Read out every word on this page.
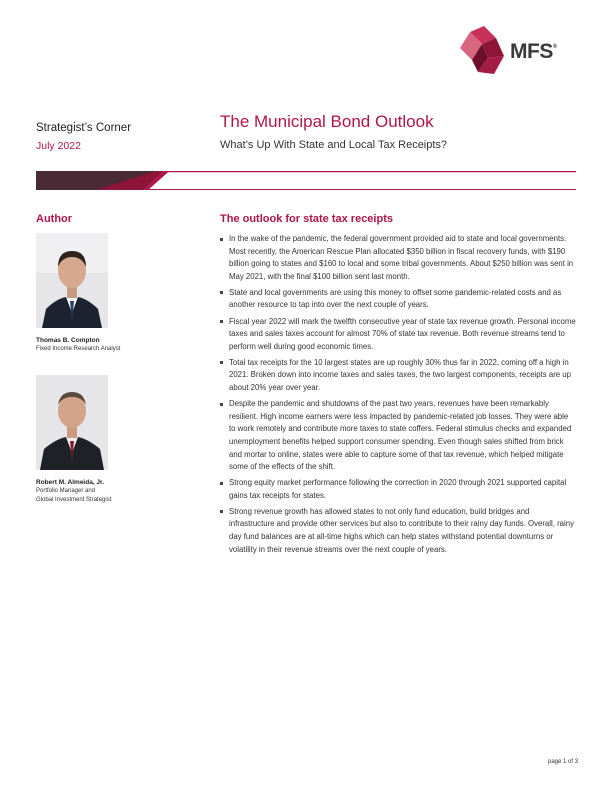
MFS®
Strategist’s Corner
July 2022
The Municipal Bond Outlook
What’s Up With State and Local Tax Receipts?
Author
Thomas B. Compton
Fixed Income Research Analyst
Robert M. Almeida, Jr.
Portfolio Manager and
Global Investment Strategist
The outlook for state tax receipts
In the wake of the pandemic, the federal government provided aid to state and local governments. Most recently, the American Rescue Plan allocated $350 billion in fiscal recovery funds, with $190 billion going to states and $160 to local and some tribal governments. About $250 billion was sent in May 2021, with the final $100 billion sent last month.
State and local governments are using this money to offset some pandemic-related costs and as another resource to tap into over the next couple of years.
Fiscal year 2022 will mark the twelfth consecutive year of state tax revenue growth. Personal income taxes and sales taxes account for almost 70% of state tax revenue. Both revenue streams tend to perform well during good economic times.
Total tax receipts for the 10 largest states are up roughly 30% thus far in 2022, coming off a high in 2021. Broken down into income taxes and sales taxes, the two largest components, receipts are up about 20% year over year.
Despite the pandemic and shutdowns of the past two years, revenues have been remarkably resilient. High income earners were less impacted by pandemic-related job losses. They were able to work remotely and contribute more taxes to state coffers. Federal stimulus checks and expanded unemployment benefits helped support consumer spending. Even though sales shifted from brick and mortar to online, states were able to capture some of that tax revenue, which helped mitigate some of the effects of the shift.
Strong equity market performance following the correction in 2020 through 2021 supported capital gains tax receipts for states.
Strong revenue growth has allowed states to not only fund education, build bridges and infrastructure and provide other services but also to contribute to their rainy day funds. Overall, rainy day fund balances are at all-time highs which can help states withstand potential downturns or volatility in their revenue streams over the next couple of years.
page 1 of 3
